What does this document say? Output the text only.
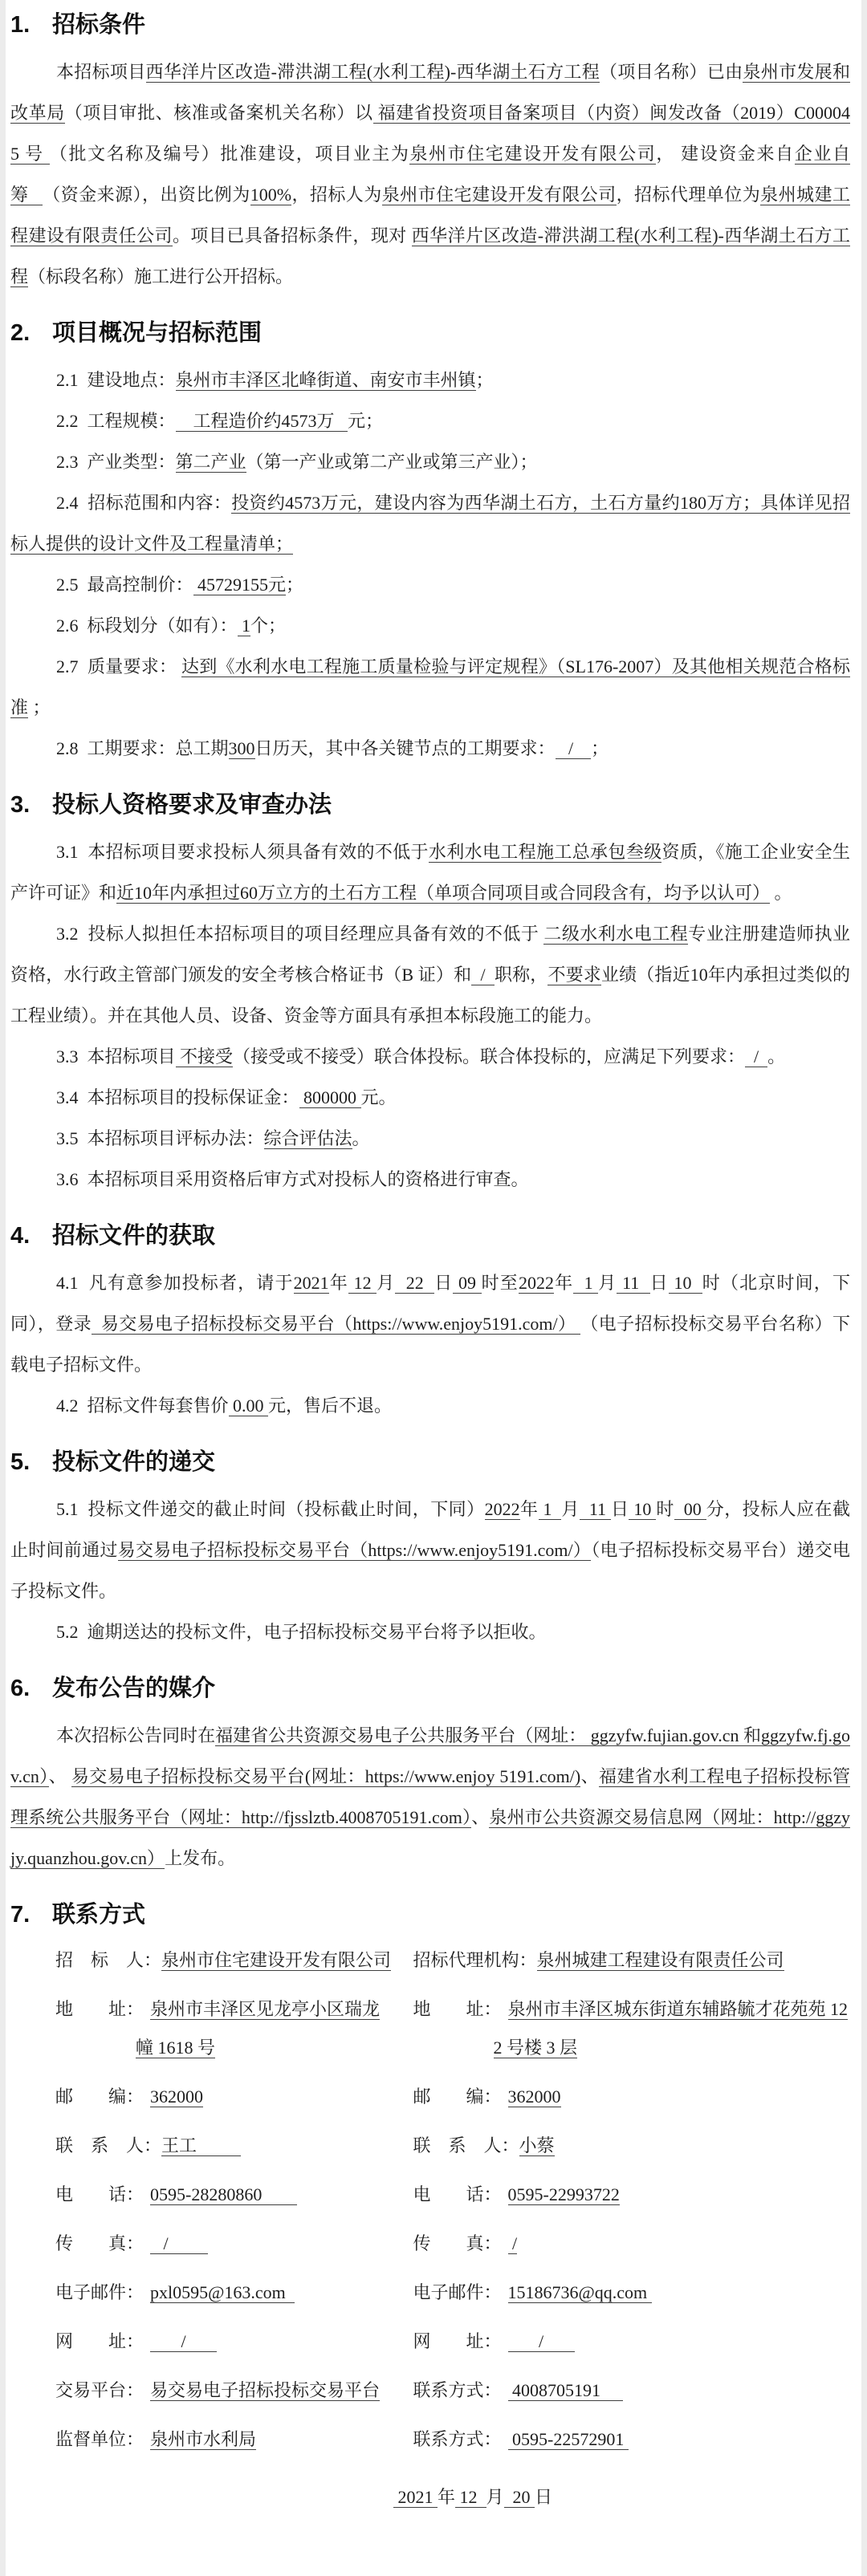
1. 招标条件

本招标项目西华洋片区改造-滞洪湖工程(水利工程)-西华湖土石方工程（项目名称）已由泉州市发展和改革局（项目审批、核准或备案机关名称）以 福建省投资项目备案项目（内资）闽发改备（2019）C000045 号 （批文名称及编号）批准建设，项目业主为泉州市住宅建设开发有限公司， 建设资金来自企业自筹   （资金来源），出资比例为100%，招标人为泉州市住宅建设开发有限公司，招标代理单位为泉州城建工程建设有限责任公司。项目已具备招标条件，现对 西华洋片区改造-滞洪湖工程(水利工程)-西华湖土石方工程（标段名称）施工进行公开招标。

2. 项目概况与招标范围

2.1  建设地点：泉州市丰泽区北峰街道、南安市丰州镇；

2.2  工程规模：    工程造价约4573万   元；

2.3  产业类型：第二产业（第一产业或第二产业或第三产业）；

2.4  招标范围和内容：投资约4573万元，建设内容为西华湖土石方，土石方量约180万方；具体详见招标人提供的设计文件及工程量清单；

2.5  最高控制价： 45729155元；

2.6  标段划分（如有）： 1个；

2.7  质量要求： 达到《水利水电工程施工质量检验与评定规程》（SL176-2007）及其他相关规范合格标准 ；

2.8  工期要求：总工期300日历天，其中各关键节点的工期要求：   /    ；

3. 投标人资格要求及审查办法

3.1  本招标项目要求投标人须具备有效的不低于水利水电工程施工总承包叁级资质，《施工企业安全生产许可证》和近10年内承担过60万立方的土石方工程（单项合同项目或合同段含有，均予以认可） 。

3.2  投标人拟担任本招标项目的项目经理应具备有效的不低于 二级水利水电工程专业注册建造师执业资格，水行政主管部门颁发的安全考核合格证书（B 证）和  /  职称，不要求业绩（指近10年内承担过类似的工程业绩）。并在其他人员、设备、资金等方面具有承担本标段施工的能力。

3.3  本招标项目 不接受（接受或不接受）联合体投标。联合体投标的，应满足下列要求：  /  。

3.4  本招标项目的投标保证金： 800000 元。

3.5  本招标项目评标办法：综合评估法。

3.6  本招标项目采用资格后审方式对投标人的资格进行审查。

4. 招标文件的获取

4.1  凡有意参加投标者，请于2021年 12 月  22  日 09 时至2022年  1 月 11  日 10  时（北京时间，下同），登录  易交易电子招标投标交易平台（https://www.enjoy5191.com/） （电子招标投标交易平台名称）下载电子招标文件。

4.2  招标文件每套售价 0.00 元，售后不退。

5. 投标文件的递交

5.1  投标文件递交的截止时间（投标截止时间，下同）2022年 1  月  11 日 10 时  00 分，投标人应在截止时间前通过易交易电子招标投标交易平台（https://www.enjoy5191.com/）（电子招标投标交易平台）递交电子投标文件。

5.2  逾期送达的投标文件，电子招标投标交易平台将予以拒收。

6. 发布公告的媒介

本次招标公告同时在福建省公共资源交易电子公共服务平台（网址： ggzyfw.fujian.gov.cn 和ggzyfw.fj.gov.cn）、 易交易电子招标投标交易平台(网址：https://www.enjoy 5191.com/)、福建省水利工程电子招标投标管理系统公共服务平台（网址：http://fjsslztb.4008705191.com）、泉州市公共资源交易信息网（网址：http://ggzyjy.quanzhou.gov.cn）上发布。

7. 联系方式
招　标　人：泉州市住宅建设开发有限公司	招标代理机构：泉州城建工程建设有限责任公司
地　　址： 泉州市丰泽区见龙亭小区瑞龙
幢 1618 号
地　　址： 泉州市丰泽区城东街道东辅路毓才花苑苑 12
2 号楼 3 层
邮　　编： 362000	邮　　编： 362000
联　系　人：王工	联　系　人：小蔡
电　　话： 0595-28280860	电　　话： 0595-22993722
传　　真：   /	传　　真： /
电子邮件： pxl0595@163.com	电子邮件： 15186736@qq.com
网　　址：       /	网　　址：       /
交易平台： 易交易电子招标投标交易平台	联系方式： 4008705191
监督单位： 泉州市水利局	联系方式： 0595-22572901
2021 年 12  月  20 日
